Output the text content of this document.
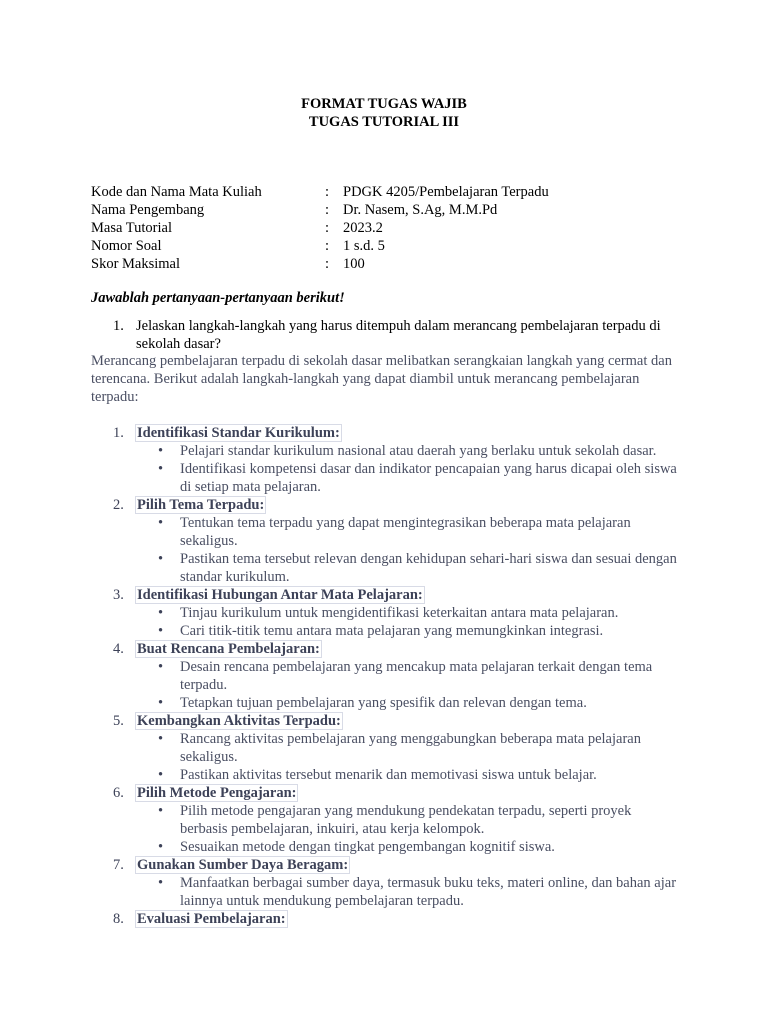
FORMAT TUGAS WAJIB
TUGAS TUTORIAL III
Kode dan Nama Mata Kuliah	: PDGK 4205/Pembelajaran Terpadu
Nama Pengembang	: Dr. Nasem, S.Ag, M.M.Pd
Masa Tutorial	: 2023.2
Nomor Soal	: 1 s.d. 5
Skor Maksimal	: 100
Jawablah pertanyaan-pertanyaan berikut!
1. Jelaskan langkah-langkah yang harus ditempuh dalam merancang pembelajaran terpadu di sekolah dasar?
Merancang pembelajaran terpadu di sekolah dasar melibatkan serangkaian langkah yang cermat dan terencana. Berikut adalah langkah-langkah yang dapat diambil untuk merancang pembelajaran terpadu:
1. Identifikasi Standar Kurikulum:
• Pelajari standar kurikulum nasional atau daerah yang berlaku untuk sekolah dasar.
• Identifikasi kompetensi dasar dan indikator pencapaian yang harus dicapai oleh siswa di setiap mata pelajaran.
2. Pilih Tema Terpadu:
• Tentukan tema terpadu yang dapat mengintegrasikan beberapa mata pelajaran sekaligus.
• Pastikan tema tersebut relevan dengan kehidupan sehari-hari siswa dan sesuai dengan standar kurikulum.
3. Identifikasi Hubungan Antar Mata Pelajaran:
• Tinjau kurikulum untuk mengidentifikasi keterkaitan antara mata pelajaran.
• Cari titik-titik temu antara mata pelajaran yang memungkinkan integrasi.
4. Buat Rencana Pembelajaran:
• Desain rencana pembelajaran yang mencakup mata pelajaran terkait dengan tema terpadu.
• Tetapkan tujuan pembelajaran yang spesifik dan relevan dengan tema.
5. Kembangkan Aktivitas Terpadu:
• Rancang aktivitas pembelajaran yang menggabungkan beberapa mata pelajaran sekaligus.
• Pastikan aktivitas tersebut menarik dan memotivasi siswa untuk belajar.
6. Pilih Metode Pengajaran:
• Pilih metode pengajaran yang mendukung pendekatan terpadu, seperti proyek berbasis pembelajaran, inkuiri, atau kerja kelompok.
• Sesuaikan metode dengan tingkat pengembangan kognitif siswa.
7. Gunakan Sumber Daya Beragam:
• Manfaatkan berbagai sumber daya, termasuk buku teks, materi online, dan bahan ajar lainnya untuk mendukung pembelajaran terpadu.
8. Evaluasi Pembelajaran:
